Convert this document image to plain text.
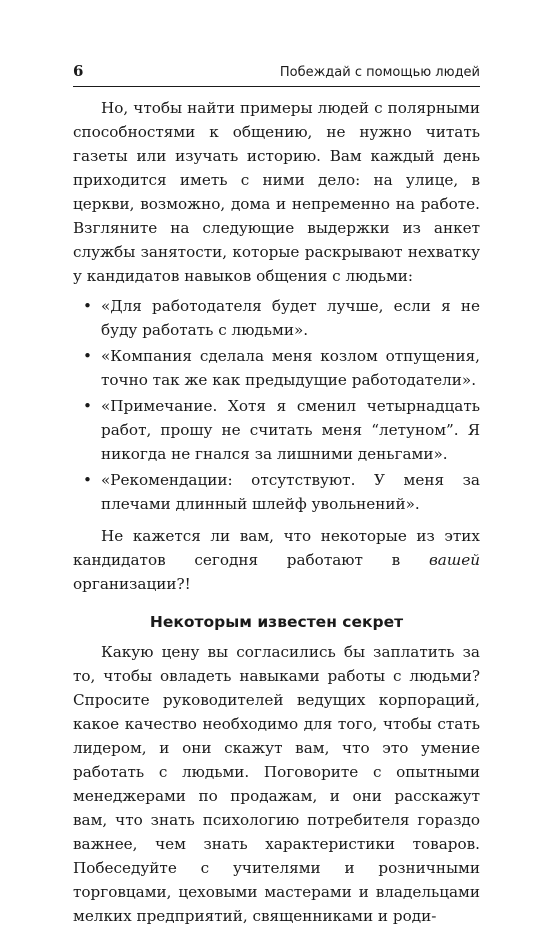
6	Побеждай с помощью людей

Но, чтобы найти примеры людей с полярными способностями к общению, не нужно читать газеты или изучать историю. Вам каждый день приходится иметь с ними дело: на улице, в церкви, возможно, дома и непременно на работе. Взгляните на следующие выдержки из анкет службы занятости, которые раскрывают нехватку у кандидатов навыков общения с людьми:

• «Для работодателя будет лучше, если я не буду работать с людьми».
• «Компания сделала меня козлом отпущения, точно так же как предыдущие работодатели».
• «Примечание. Хотя я сменил четырнадцать работ, прошу не считать меня “летуном”. Я никогда не гнался за лишними деньгами».
• «Рекомендации: отсутствуют. У меня за плечами длинный шлейф увольнений».

Не кажется ли вам, что некоторые из этих кандидатов сегодня работают в вашей организации?!

Некоторым известен секрет

Какую цену вы согласились бы заплатить за то, чтобы овладеть навыками работы с людьми? Спросите руководителей ведущих корпораций, какое качество необходимо для того, чтобы стать лидером, и они скажут вам, что это умение работать с людьми. Поговорите с опытными менеджерами по продажам, и они расскажут вам, что знать психологию потребителя гораздо важнее, чем знать характеристики товаров. Побеседуйте с учителями и розничными торговцами, цеховыми мастерами и владельцами мелких предприятий, священниками и роди-
